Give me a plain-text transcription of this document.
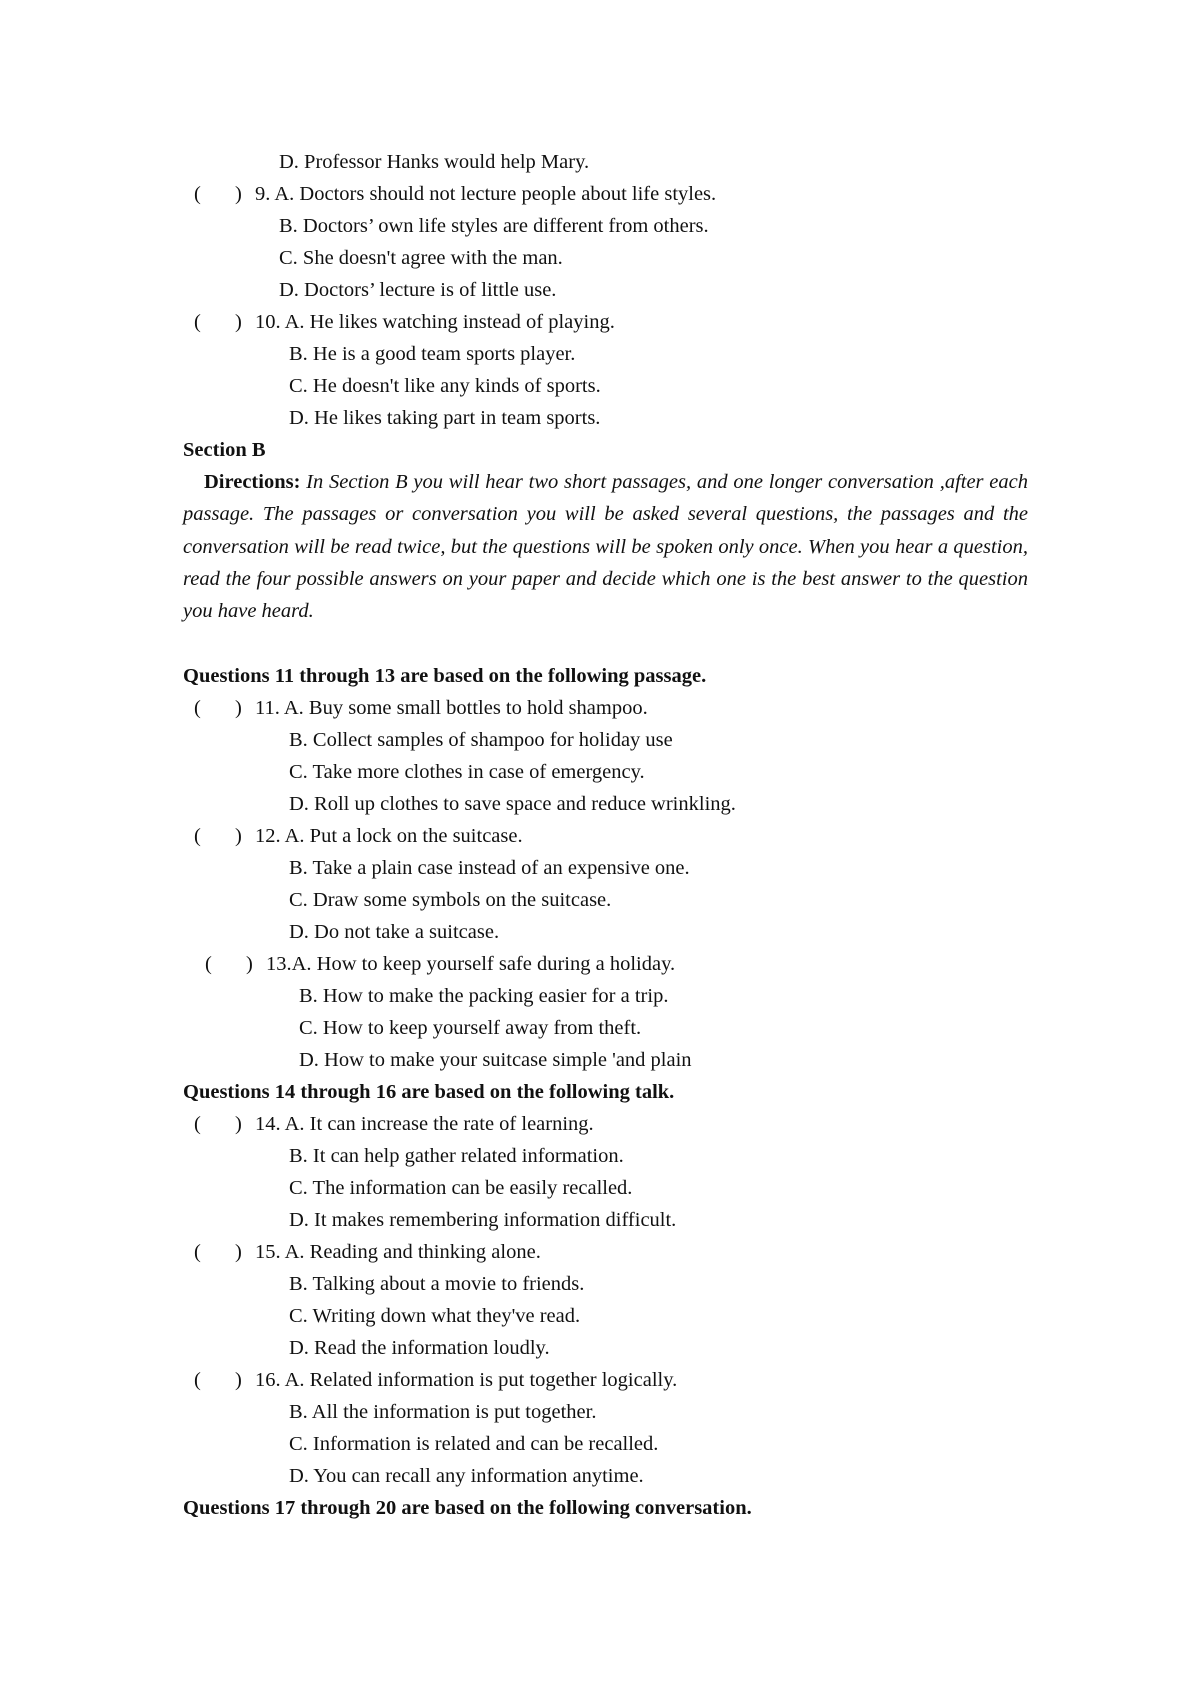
D. Professor Hanks would help Mary.
( ) 9. A. Doctors should not lecture people about life styles.
B. Doctors’ own life styles are different from others.
C. She doesn't agree with the man.
D. Doctors’ lecture is of little use.
( ) 10. A. He likes watching instead of playing.
B. He is a good team sports player.
C. He doesn't like any kinds of sports.
D. He likes taking part in team sports.
Section B
Directions: In Section B you will hear two short passages, and one longer conversation ,after each passage. The passages or conversation you will be asked several questions, the passages and the conversation will be read twice, but the questions will be spoken only once. When you hear a question, read the four possible answers on your paper and decide which one is the best answer to the question you have heard.
Questions 11 through 13 are based on the following passage.
( ) 11. A. Buy some small bottles to hold shampoo.
B. Collect samples of shampoo for holiday use
C. Take more clothes in case of emergency.
D. Roll up clothes to save space and reduce wrinkling.
( ) 12. A. Put a lock on the suitcase.
B. Take a plain case instead of an expensive one.
C. Draw some symbols on the suitcase.
D. Do not take a suitcase.
( ) 13.A. How to keep yourself safe during a holiday.
B. How to make the packing easier for a trip.
C. How to keep yourself away from theft.
D. How to make your suitcase simple 'and plain
Questions 14 through 16 are based on the following talk.
( ) 14. A. It can increase the rate of learning.
B. It can help gather related information.
C. The information can be easily recalled.
D. It makes remembering information difficult.
( ) 15. A. Reading and thinking alone.
B. Talking about a movie to friends.
C. Writing down what they've read.
D. Read the information loudly.
( ) 16. A. Related information is put together logically.
B. All the information is put together.
C. Information is related and can be recalled.
D. You can recall any information anytime.
Questions 17 through 20 are based on the following conversation.
